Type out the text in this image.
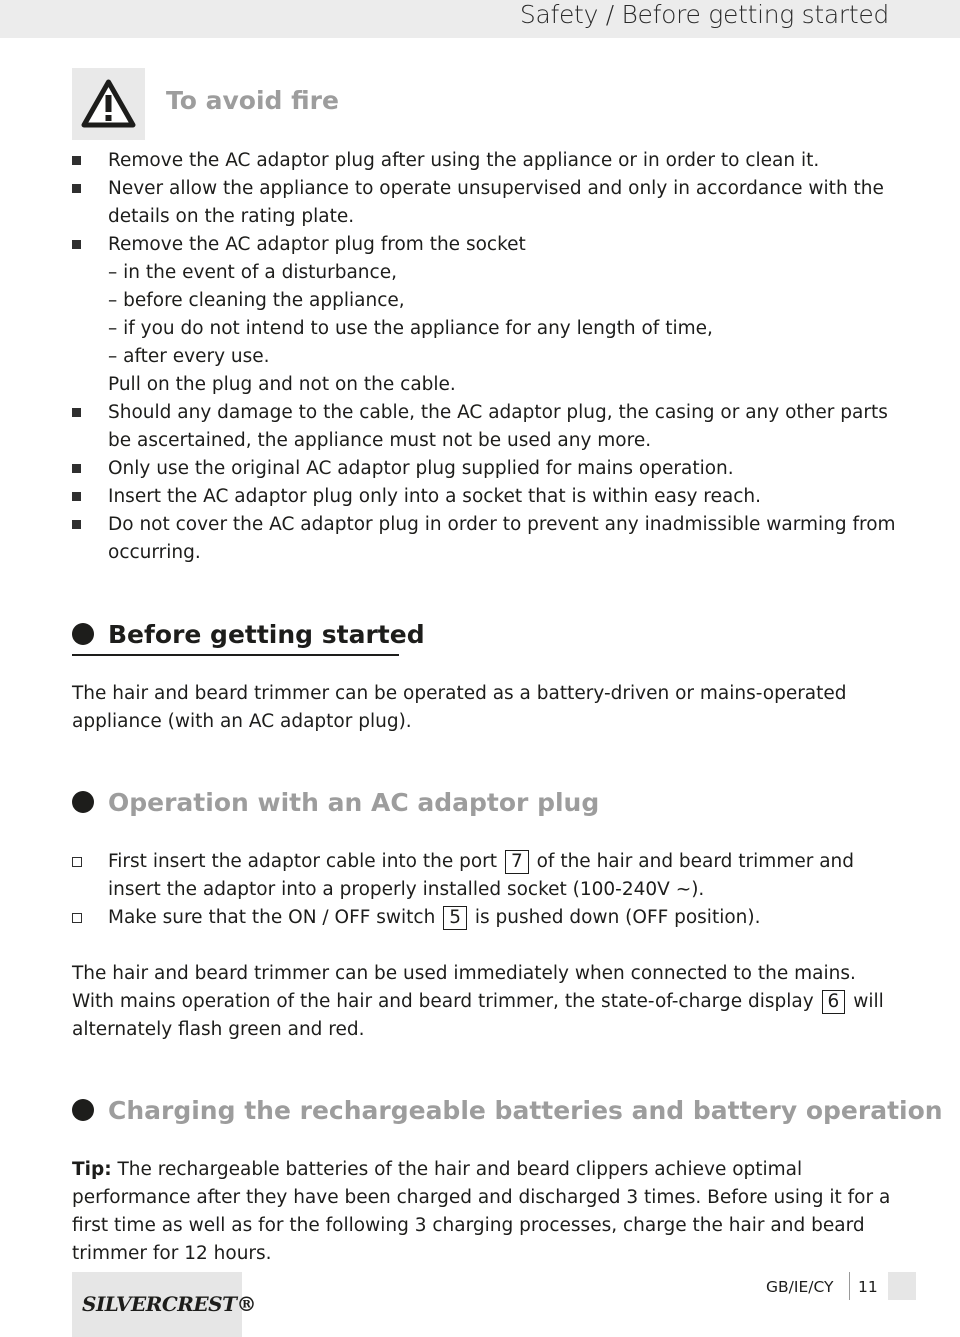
Safety / Before getting started
To avoid fire
Remove the AC adaptor plug after using the appliance or in order to clean it.
Never allow the appliance to operate unsupervised and only in accordance with the details on the rating plate.
Remove the AC adaptor plug from the socket
– in the event of a disturbance,
– before cleaning the appliance,
– if you do not intend to use the appliance for any length of time,
– after every use.
Pull on the plug and not on the cable.
Should any damage to the cable, the AC adaptor plug, the casing or any other parts be ascertained, the appliance must not be used any more.
Only use the original AC adaptor plug supplied for mains operation.
Insert the AC adaptor plug only into a socket that is within easy reach.
Do not cover the AC adaptor plug in order to prevent any inadmissible warming from occurring.
Before getting started

The hair and beard trimmer can be operated as a battery-driven or mains-operated appliance (with an AC adaptor plug).

Operation with an AC adaptor plug
First insert the adaptor cable into the port 7 of the hair and beard trimmer and insert the adaptor into a properly installed socket (100-240V ~).
Make sure that the ON / OFF switch 5 is pushed down (OFF position).

The hair and beard trimmer can be used immediately when connected to the mains. With mains operation of the hair and beard trimmer, the state-of-charge display 6 will alternately flash green and red.

Charging the rechargeable batteries and battery operation

Tip: The rechargeable batteries of the hair and beard clippers achieve optimal performance after they have been charged and discharged 3 times. Before using it for a first time as well as for the following 3 charging processes, charge the hair and beard trimmer for 12 hours.

SILVERCREST®
GB/IE/CY 11
